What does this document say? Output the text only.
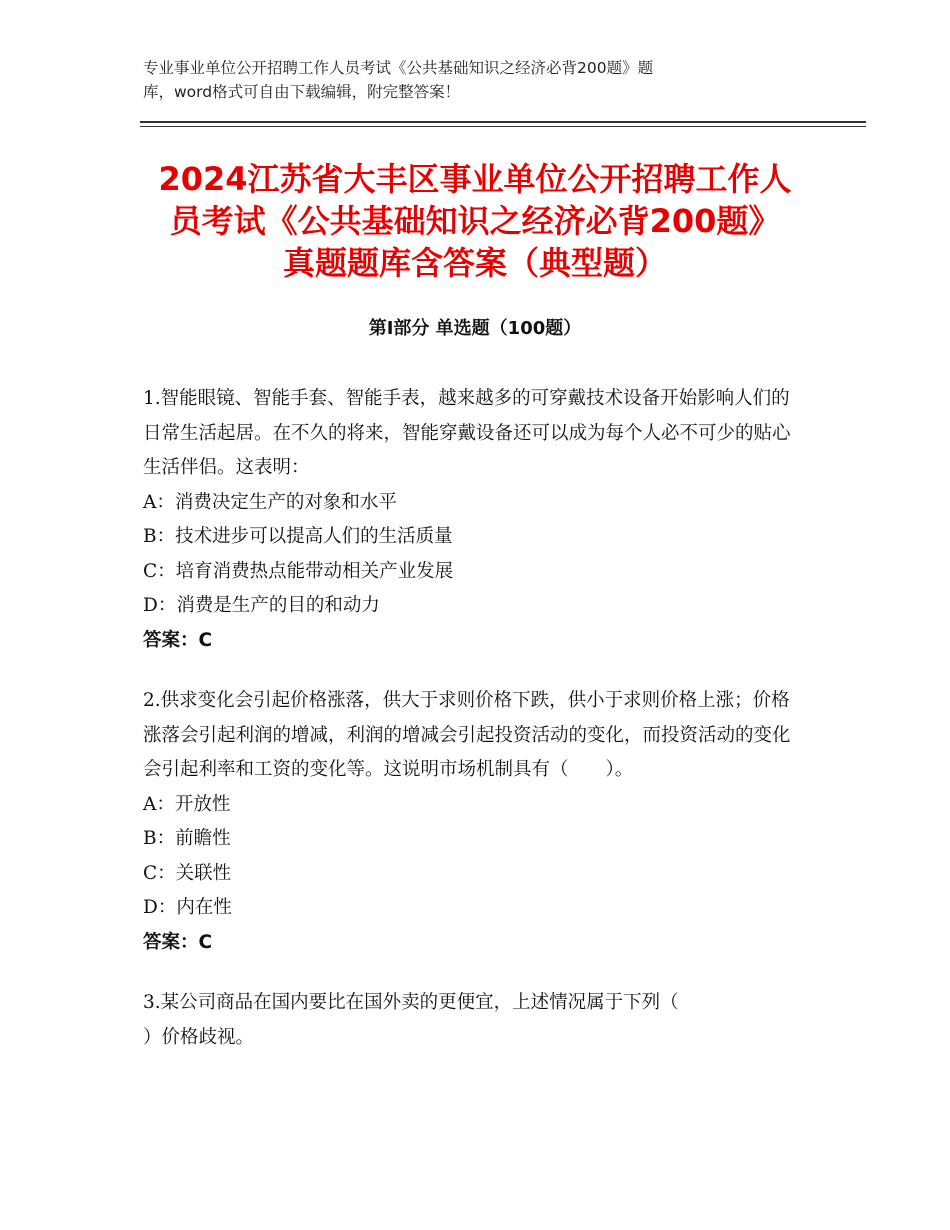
专业事业单位公开招聘工作人员考试《公共基础知识之经济必背200题》题
库，word格式可自由下载编辑，附完整答案！
2024江苏省大丰区事业单位公开招聘工作人
员考试《公共基础知识之经济必背200题》
真题题库含答案（典型题）
第Ⅰ部分 单选题（100题）

1.智能眼镜、智能手套、智能手表，越来越多的可穿戴技术设备开始影响人们的日常生活起居。在不久的将来，智能穿戴设备还可以成为每个人必不可少的贴心生活伴侣。这表明：

A：消费决定生产的对象和水平

B：技术进步可以提高人们的生活质量

C：培育消费热点能带动相关产业发展

D：消费是生产的目的和动力

答案：C

2.供求变化会引起价格涨落，供大于求则价格下跌，供小于求则价格上涨；价格涨落会引起利润的增减，利润的增减会引起投资活动的变化，而投资活动的变化会引起利率和工资的变化等。这说明市场机制具有（　　）。

A：开放性

B：前瞻性

C：关联性

D：内在性

答案：C

3.某公司商品在国内要比在国外卖的更便宜，上述情况属于下列（

）价格歧视。
